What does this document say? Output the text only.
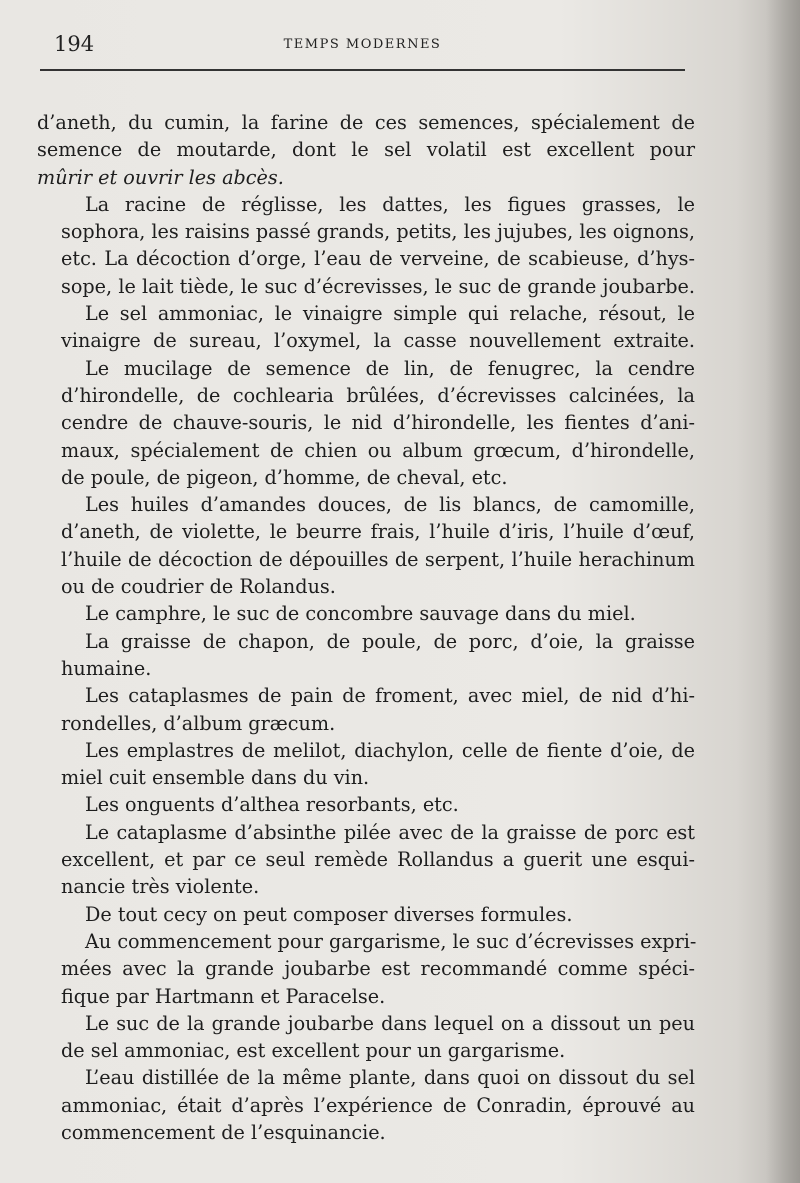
194	TEMPS MODERNES

d’aneth, du cumin, la farine de ces semences, spécialement de
semence de moutarde, dont le sel volatil est excellent pour
mûrir et ouvrir les abcès.

La racine de réglisse, les dattes, les figues grasses, le
sophora, les raisins passé grands, petits, les jujubes, les oignons,
etc. La décoction d’orge, l’eau de verveine, de scabieuse, d’hys-
sope, le lait tiède, le suc d’écrevisses, le suc de grande joubarbe.

Le sel ammoniac, le vinaigre simple qui relache, résout, le
vinaigre de sureau, l’oxymel, la casse nouvellement extraite.

Le mucilage de semence de lin, de fenugrec, la cendre
d’hirondelle, de cochlearia brûlées, d’écrevisses calcinées, la
cendre de chauve-souris, le nid d’hirondelle, les fientes d’ani-
maux, spécialement de chien ou album grœcum, d’hirondelle,
de poule, de pigeon, d’homme, de cheval, etc.

Les huiles d’amandes douces, de lis blancs, de camomille,
d’aneth, de violette, le beurre frais, l’huile d’iris, l’huile d’œuf,
l’huile de décoction de dépouilles de serpent, l’huile herachinum
ou de coudrier de Rolandus.

Le camphre, le suc de concombre sauvage dans du miel.

La graisse de chapon, de poule, de porc, d’oie, la graisse
humaine.

Les cataplasmes de pain de froment, avec miel, de nid d’hi-
rondelles, d’album græcum.

Les emplastres de melilot, diachylon, celle de fiente d’oie, de
miel cuit ensemble dans du vin.

Les onguents d’althea resorbants, etc.

Le cataplasme d’absinthe pilée avec de la graisse de porc est
excellent, et par ce seul remède Rollandus a guerit une esqui-
nancie très violente.

De tout cecy on peut composer diverses formules.

Au commencement pour gargarisme, le suc d’écrevisses expri-
mées avec la grande joubarbe est recommandé comme spéci-
fique par Hartmann et Paracelse.

Le suc de la grande joubarbe dans lequel on a dissout un peu
de sel ammoniac, est excellent pour un gargarisme.

L’eau distillée de la même plante, dans quoi on dissout du sel
ammoniac, était d’après l’expérience de Conradin, éprouvé au
commencement de l’esquinancie.
